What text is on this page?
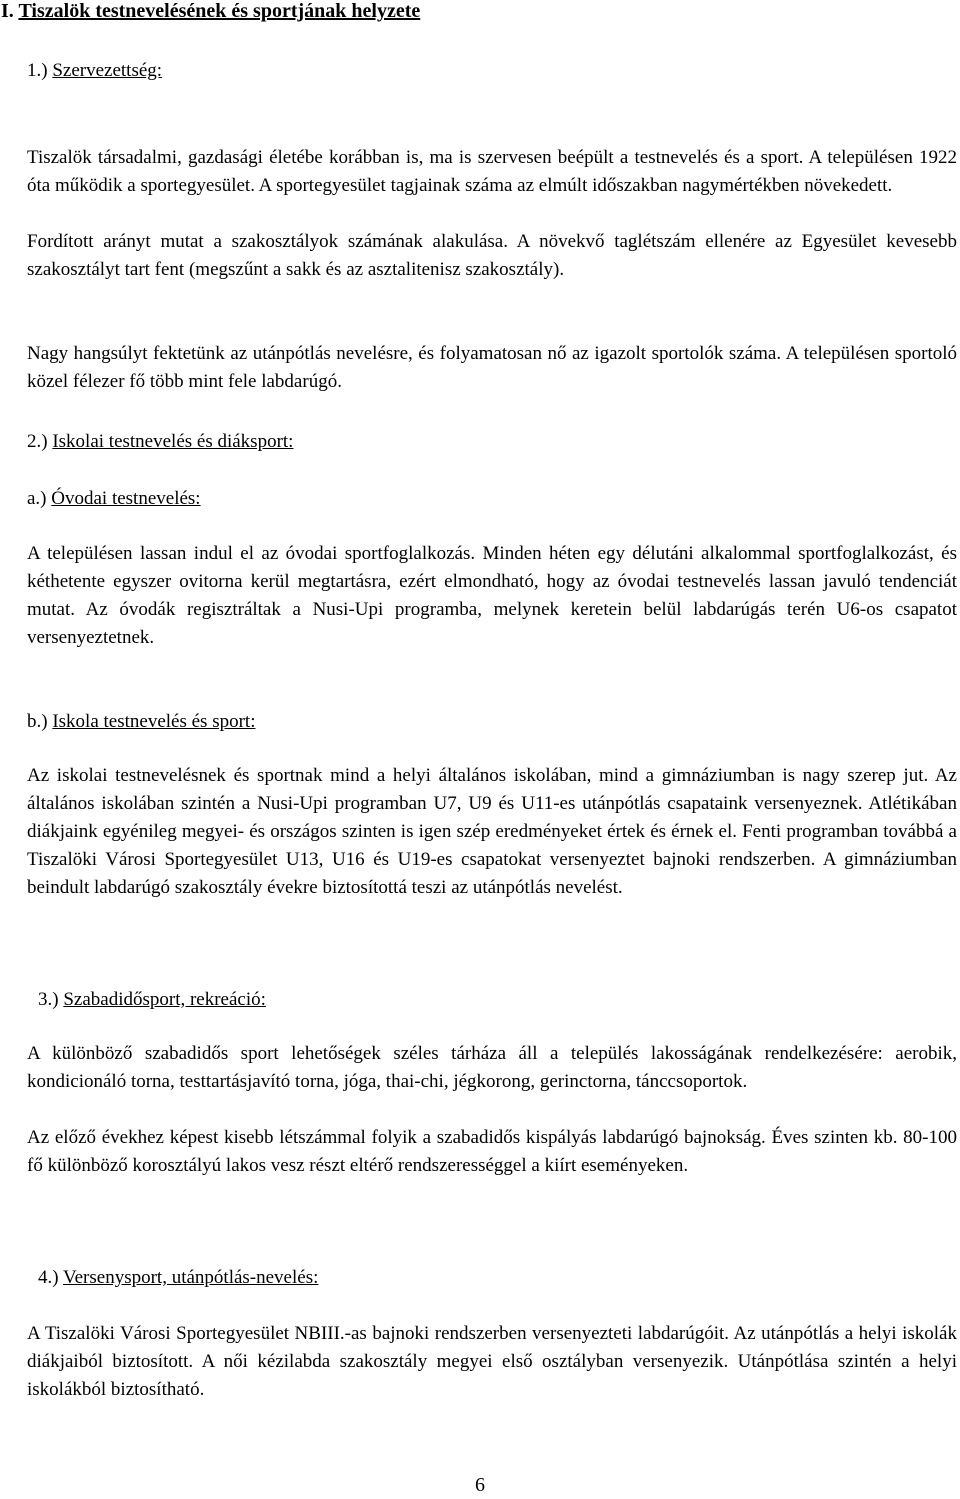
I. Tiszalök testnevelésének és sportjának helyzete
1.) Szervezettség:

Tiszalök társadalmi, gazdasági életébe korábban is, ma is szervesen beépült a testnevelés és a sport. A településen 1922 óta működik a sportegyesület. A sportegyesület tagjainak száma az elmúlt időszakban nagymértékben növekedett.

Fordított arányt mutat a szakosztályok számának alakulása. A növekvő taglétszám ellenére az Egyesület kevesebb szakosztályt tart fent (megszűnt a sakk és az asztalitenisz szakosztály).

Nagy hangsúlyt fektetünk az utánpótlás nevelésre, és folyamatosan nő az igazolt sportolók száma. A településen sportoló közel félezer fő több mint fele labdarúgó.

2.) Iskolai testnevelés és diáksport:
a.) Óvodai testnevelés:

A településen lassan indul el az óvodai sportfoglalkozás. Minden héten egy délutáni alkalommal sportfoglalkozást, és kéthetente egyszer ovitorna kerül megtartásra, ezért elmondható, hogy az óvodai testnevelés lassan javuló tendenciát mutat. Az óvodák regisztráltak a Nusi-Upi programba, melynek keretein belül labdarúgás terén U6-os csapatot versenyeztetnek.

b.) Iskola testnevelés és sport:

Az iskolai testnevelésnek és sportnak mind a helyi általános iskolában, mind a gimnáziumban is nagy szerep jut. Az általános iskolában szintén a Nusi-Upi programban U7, U9 és U11-es utánpótlás csapataink versenyeznek. Atlétikában diákjaink egyénileg megyei- és országos szinten is igen szép eredményeket értek és érnek el. Fenti programban továbbá a Tiszalöki Városi Sportegyesület U13, U16 és U19-es csapatokat versenyeztet bajnoki rendszerben. A gimnáziumban beindult labdarúgó szakosztály évekre biztosítottá teszi az utánpótlás nevelést.

3.) Szabadidősport, rekreáció:

A különböző szabadidős sport lehetőségek széles tárháza áll a település lakosságának rendelkezésére: aerobik, kondicionáló torna, testtartásjavító torna, jóga, thai-chi, jégkorong, gerinctorna, tánccsoportok.

Az előző évekhez képest kisebb létszámmal folyik a szabadidős kispályás labdarúgó bajnokság. Éves szinten kb. 80-100 fő különböző korosztályú lakos vesz részt eltérő rendszerességgel a kiírt eseményeken.

4.) Versenysport, utánpótlás-nevelés:

A Tiszalöki Városi Sportegyesület NBIII.-as bajnoki rendszerben versenyezteti labdarúgóit. Az utánpótlás a helyi iskolák diákjaiból biztosított. A női kézilabda szakosztály megyei első osztályban versenyezik. Utánpótlása szintén a helyi iskolákból biztosítható.

6
